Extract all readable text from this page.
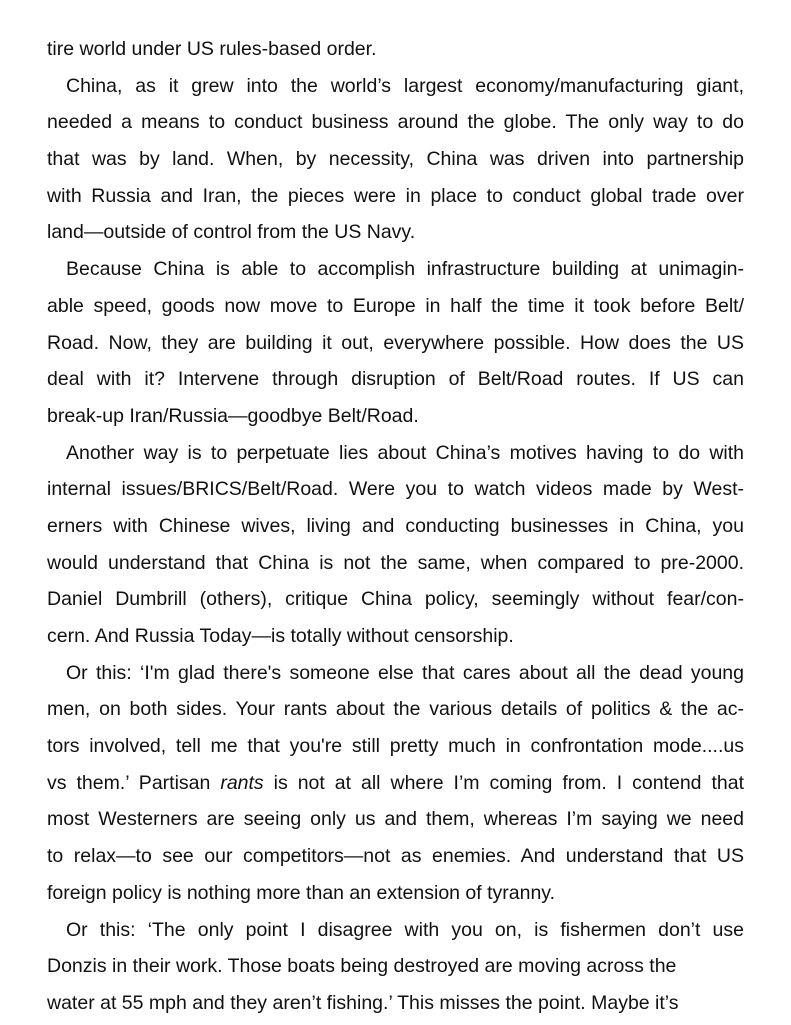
tire world under US rules-based order.
China, as it grew into the world’s largest economy/manufacturing giant,
needed a means to conduct business around the globe. The only way to do
that was by land. When, by necessity, China was driven into partnership
with Russia and Iran, the pieces were in place to conduct global trade over
land—outside of control from the US Navy.
Because China is able to accomplish infrastructure building at unimagin-
able speed, goods now move to Europe in half the time it took before Belt/
Road. Now, they are building it out, everywhere possible. How does the US
deal with it? Intervene through disruption of Belt/Road routes. If US can
break-up Iran/Russia—goodbye Belt/Road.
Another way is to perpetuate lies about China’s motives having to do with
internal issues/BRICS/Belt/Road. Were you to watch videos made by West-
erners with Chinese wives, living and conducting businesses in China, you
would understand that China is not the same, when compared to pre-2000.
Daniel Dumbrill (others), critique China policy, seemingly without fear/con-
cern. And Russia Today—is totally without censorship.
Or this: ‘I'm glad there's someone else that cares about all the dead young
men, on both sides. Your rants about the various details of politics & the ac-
tors involved, tell me that you're still pretty much in confrontation mode....us
vs them.’ Partisan rants is not at all where I’m coming from. I contend that
most Westerners are seeing only us and them, whereas I’m saying we need
to relax—to see our competitors—not as enemies. And understand that US
foreign policy is nothing more than an extension of tyranny.
Or this: ‘The only point I disagree with you on, is fishermen don’t use
Donzis in their work. Those boats being destroyed are moving across the
water at 55 mph and they aren’t fishing.’ This misses the point. Maybe it’s
